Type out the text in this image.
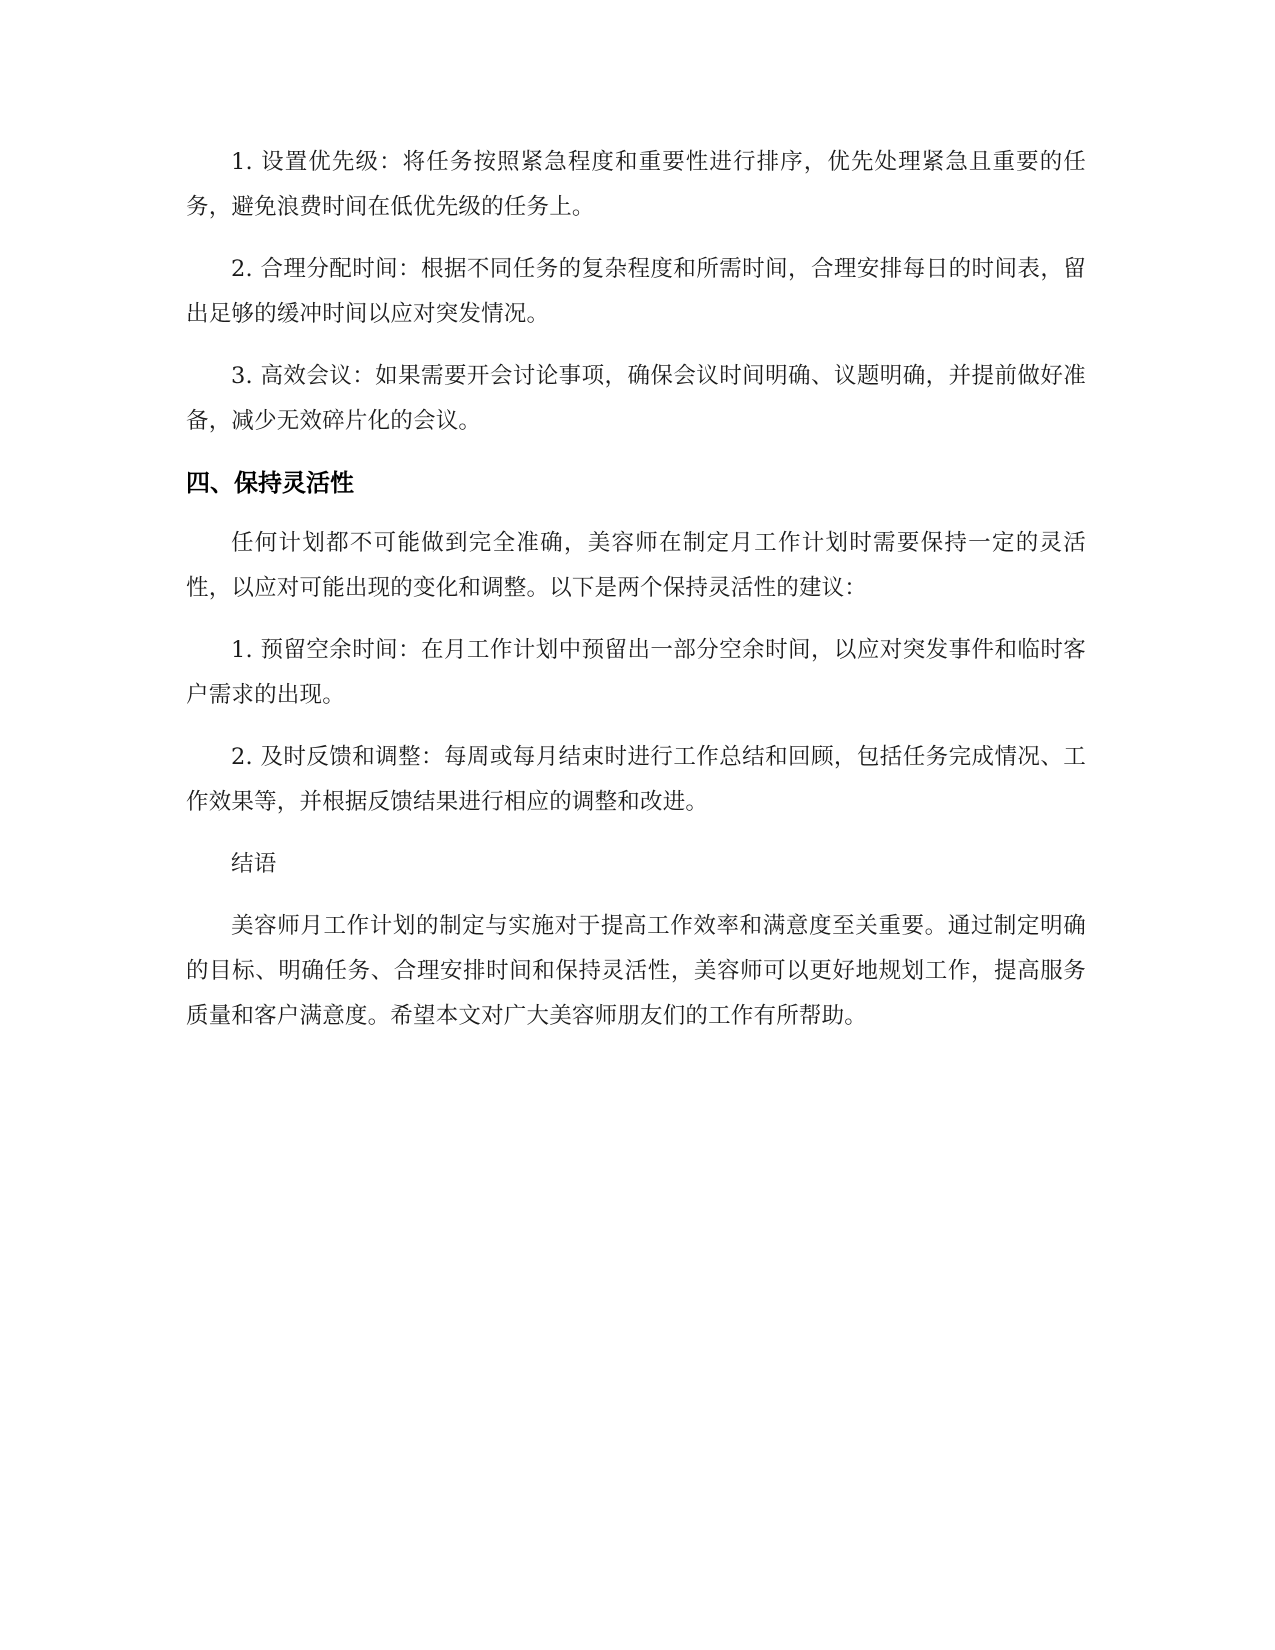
1. 设置优先级：将任务按照紧急程度和重要性进行排序，优先处理紧急且重要的任务，避免浪费时间在低优先级的任务上。

2. 合理分配时间：根据不同任务的复杂程度和所需时间，合理安排每日的时间表，留出足够的缓冲时间以应对突发情况。

3. 高效会议：如果需要开会讨论事项，确保会议时间明确、议题明确，并提前做好准备，减少无效碎片化的会议。

四、保持灵活性

任何计划都不可能做到完全准确，美容师在制定月工作计划时需要保持一定的灵活性，以应对可能出现的变化和调整。以下是两个保持灵活性的建议：

1. 预留空余时间：在月工作计划中预留出一部分空余时间，以应对突发事件和临时客户需求的出现。

2. 及时反馈和调整：每周或每月结束时进行工作总结和回顾，包括任务完成情况、工作效果等，并根据反馈结果进行相应的调整和改进。

结语

美容师月工作计划的制定与实施对于提高工作效率和满意度至关重要。通过制定明确的目标、明确任务、合理安排时间和保持灵活性，美容师可以更好地规划工作，提高服务质量和客户满意度。希望本文对广大美容师朋友们的工作有所帮助。
